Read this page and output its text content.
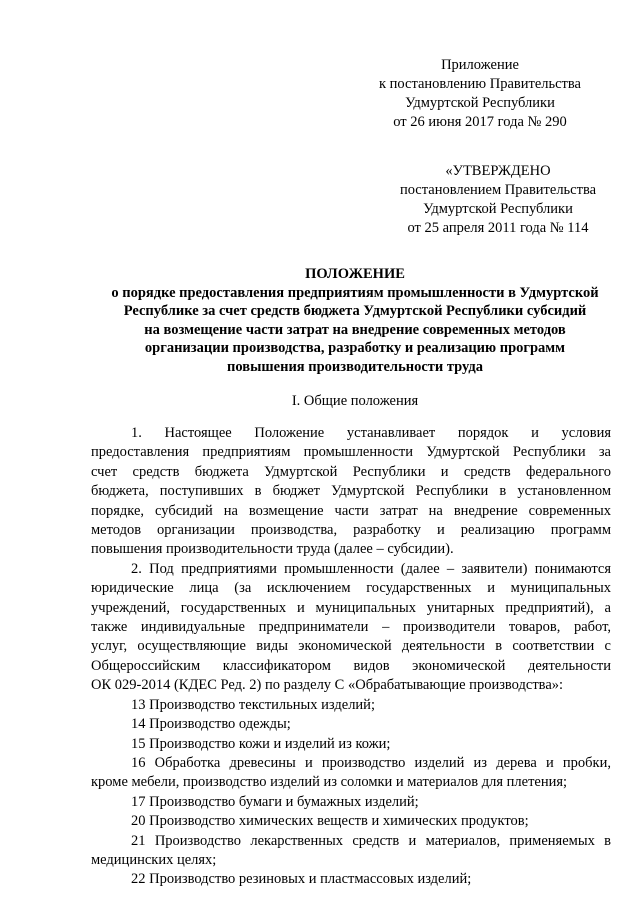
Приложение
к постановлению Правительства
Удмуртской Республики
от 26 июня 2017 года № 290
«УТВЕРЖДЕНО
постановлением Правительства
Удмуртской Республики
от 25 апреля 2011 года № 114
ПОЛОЖЕНИЕ
о порядке предоставления предприятиям промышленности в Удмуртской
Республике за счет средств бюджета Удмуртской Республики субсидий
на возмещение части затрат на внедрение современных методов
организации производства, разработку и реализацию программ
повышения производительности труда
I. Общие положения
1. Настоящее Положение устанавливает порядок и условия
предоставления предприятиям промышленности Удмуртской Республики за
счет средств бюджета Удмуртской Республики и средств федерального
бюджета, поступивших в бюджет Удмуртской Республики в установленном
порядке, субсидий на возмещение части затрат на внедрение современных
методов организации производства, разработку и реализацию программ
повышения производительности труда (далее – субсидии).
2. Под предприятиями промышленности (далее – заявители) понимаются
юридические лица (за исключением государственных и муниципальных
учреждений, государственных и муниципальных унитарных предприятий), а
также индивидуальные предприниматели – производители товаров, работ,
услуг, осуществляющие виды экономической деятельности в соответствии с
Общероссийским классификатором видов экономической деятельности
ОК 029-2014 (КДЕС Ред. 2) по разделу С «Обрабатывающие производства»:
13 Производство текстильных изделий;
14 Производство одежды;
15 Производство кожи и изделий из кожи;
16 Обработка древесины и производство изделий из дерева и пробки,
кроме мебели, производство изделий из соломки и материалов для плетения;
17 Производство бумаги и бумажных изделий;
20 Производство химических веществ и химических продуктов;
21 Производство лекарственных средств и материалов, применяемых в
медицинских целях;
22 Производство резиновых и пластмассовых изделий;
